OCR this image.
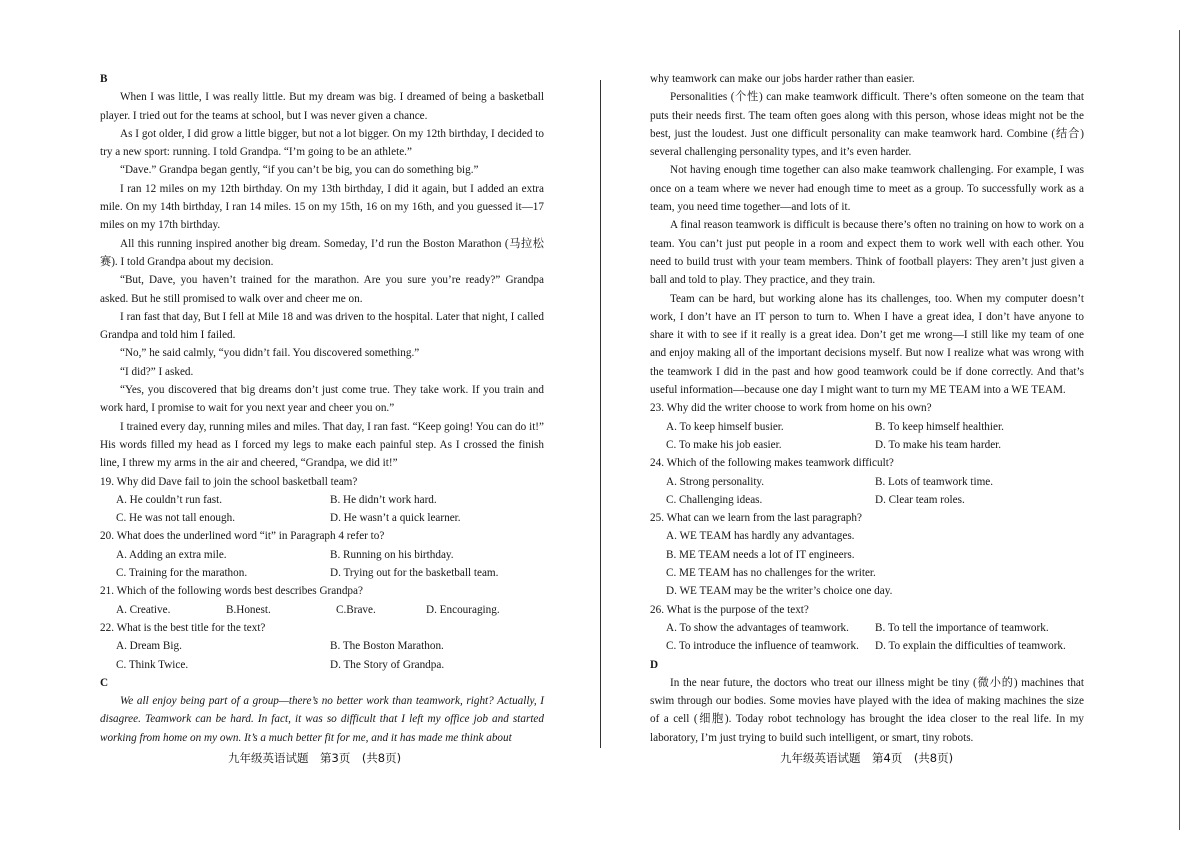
B

When I was little, I was really little. But my dream was big. I dreamed of being a basketball player. I tried out for the teams at school, but I was never given a chance.

As I got older, I did grow a little bigger, but not a lot bigger. On my 12th birthday, I decided to try a new sport: running. I told Grandpa. “I’m going to be an athlete.”

“Dave.” Grandpa began gently, “if you can’t be big, you can do something big.”

I ran 12 miles on my 12th birthday. On my 13th birthday, I did it again, but I added an extra mile. On my 14th birthday, I ran 14 miles. 15 on my 15th, 16 on my 16th, and you guessed it—17 miles on my 17th birthday.

All this running inspired another big dream. Someday, I’d run the Boston Marathon (马拉松赛). I told Grandpa about my decision.

“But, Dave, you haven’t trained for the marathon. Are you sure you’re ready?” Grandpa asked. But he still promised to walk over and cheer me on.

I ran fast that day, But I fell at Mile 18 and was driven to the hospital. Later that night, I called Grandpa and told him I failed.

“No,” he said calmly, “you didn’t fail. You discovered something.”

“I did?” I asked.

“Yes, you discovered that big dreams don’t just come true. They take work. If you train and work hard, I promise to wait for you next year and cheer you on.”

I trained every day, running miles and miles. That day, I ran fast. “Keep going! You can do it!” His words filled my head as I forced my legs to make each painful step. As I crossed the finish line, I threw my arms in the air and cheered, “Grandpa, we did it!”

19. Why did Dave fail to join the school basketball team?

A. He couldn’t run fast.	B. He didn’t work hard.
C. He was not tall enough.	D. He wasn’t a quick learner.

20. What does the underlined word “it” in Paragraph 4 refer to?

A. Adding an extra mile.	B. Running on his birthday.
C. Training for the marathon.	D. Trying out for the basketball team.

21. Which of the following words best describes Grandpa?

A. Creative.	B.Honest.	C.Brave.	D. Encouraging.

22. What is the best title for the text?

A. Dream Big.	B. The Boston Marathon.
C. Think Twice.	D. The Story of Grandpa.

C

We all enjoy being part of a group—there’s no better work than teamwork, right? Actually, I disagree. Teamwork can be hard. In fact, it was so difficult that I left my office job and started working from home on my own. It’s a much better fit for me, and it has made me think about

why teamwork can make our jobs harder rather than easier.

Personalities (个性) can make teamwork difficult. There’s often someone on the team that puts their needs first. The team often goes along with this person, whose ideas might not be the best, just the loudest. Just one difficult personality can make teamwork hard. Combine (结合) several challenging personality types, and it’s even harder.

Not having enough time together can also make teamwork challenging. For example, I was once on a team where we never had enough time to meet as a group. To successfully work as a team, you need time together—and lots of it.

A final reason teamwork is difficult is because there’s often no training on how to work on a team. You can’t just put people in a room and expect them to work well with each other. You need to build trust with your team members. Think of football players: They aren’t just given a ball and told to play. They practice, and they train.

Team can be hard, but working alone has its challenges, too. When my computer doesn’t work, I don’t have an IT person to turn to. When I have a great idea, I don’t have anyone to share it with to see if it really is a great idea. Don’t get me wrong—I still like my team of one and enjoy making all of the important decisions myself. But now I realize what was wrong with the teamwork I did in the past and how good teamwork could be if done correctly. And that’s useful information—because one day I might want to turn my ME TEAM into a WE TEAM.

23. Why did the writer choose to work from home on his own?

A. To keep himself busier.	B. To keep himself healthier.
C. To make his job easier.	D. To make his team harder.

24. Which of the following makes teamwork difficult?

A. Strong personality.	B. Lots of teamwork time.
C. Challenging ideas.	D. Clear team roles.

25. What can we learn from the last paragraph?

A. WE TEAM has hardly any advantages.
B. ME TEAM needs a lot of IT engineers.
C. ME TEAM has no challenges for the writer.
D. WE TEAM may be the writer’s choice one day.

26. What is the purpose of the text?

A. To show the advantages of teamwork.	B. To tell the importance of teamwork.
C. To introduce the influence of teamwork.	D. To explain the difficulties of teamwork.

D

In the near future, the doctors who treat our illness might be tiny (微小的) machines that swim through our bodies. Some movies have played with the idea of making machines the size of a cell (细胞). Today robot technology has brought the idea closer to the real life. In my laboratory, I’m just trying to build such intelligent, or smart, tiny robots.

九年级英语试题　第3页　(共8页)	九年级英语试题　第4页　(共8页)
